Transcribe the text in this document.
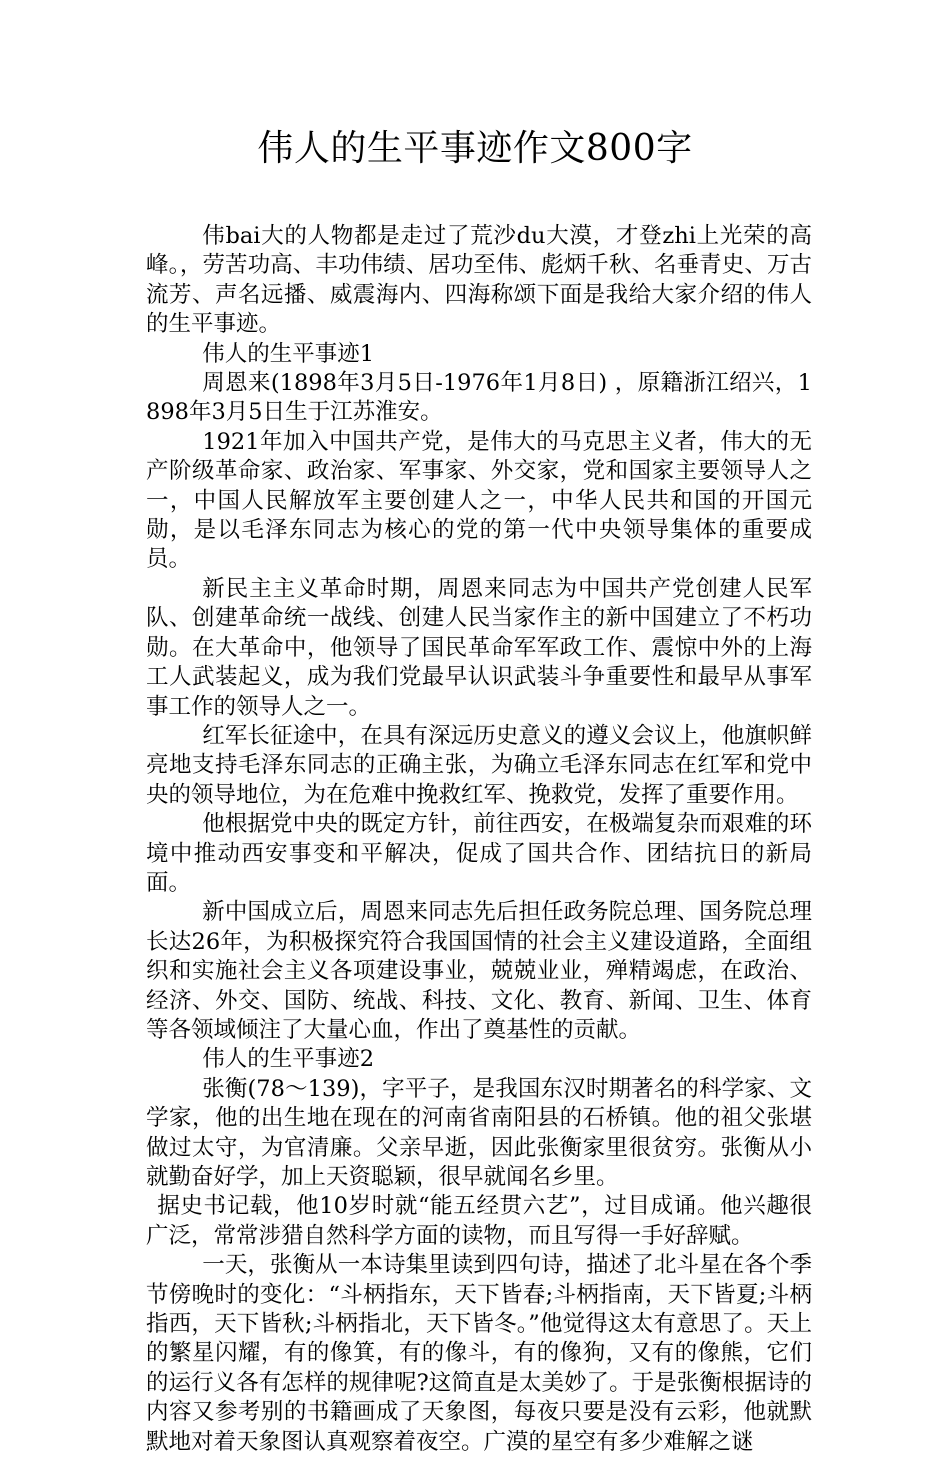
伟人的生平事迹作文800字

伟bai大的人物都是走过了荒沙du大漠，才登zhi上光荣的高峰。，劳苦功高、丰功伟绩、居功至伟、彪炳千秋、名垂青史、万古流芳、声名远播、威震海内、四海称颂下面是我给大家介绍的伟人的生平事迹。

伟人的生平事迹1

周恩来(1898年3月5日-1976年1月8日) ，原籍浙江绍兴，1898年3月5日生于江苏淮安。

1921年加入中国共产党，是伟大的马克思主义者，伟大的无产阶级革命家、政治家、军事家、外交家，党和国家主要领导人之一，中国人民解放军主要创建人之一，中华人民共和国的开国元勋，是以毛泽东同志为核心的党的第一代中央领导集体的重要成员。

新民主主义革命时期，周恩来同志为中国共产党创建人民军队、创建革命统一战线、创建人民当家作主的新中国建立了不朽功勋。在大革命中，他领导了国民革命军军政工作、震惊中外的上海工人武装起义，成为我们党最早认识武装斗争重要性和最早从事军事工作的领导人之一。

红军长征途中，在具有深远历史意义的遵义会议上，他旗帜鲜亮地支持毛泽东同志的正确主张，为确立毛泽东同志在红军和党中央的领导地位，为在危难中挽救红军、挽救党，发挥了重要作用。

他根据党中央的既定方针，前往西安，在极端复杂而艰难的环境中推动西安事变和平解决，促成了国共合作、团结抗日的新局面。

新中国成立后，周恩来同志先后担任政务院总理、国务院总理长达26年，为积极探究符合我国国情的社会主义建设道路，全面组织和实施社会主义各项建设事业，兢兢业业，殚精竭虑，在政治、经济、外交、国防、统战、科技、文化、教育、新闻、卫生、体育等各领域倾注了大量心血，作出了奠基性的贡献。

伟人的生平事迹2

张衡(78～139)，字平子，是我国东汉时期著名的科学家、文学家，他的出生地在现在的河南省南阳县的石桥镇。他的祖父张堪做过太守，为官清廉。父亲早逝，因此张衡家里很贫穷。张衡从小就勤奋好学，加上天资聪颖，很早就闻名乡里。

据史书记载，他10岁时就“能五经贯六艺”，过目成诵。他兴趣很广泛，常常涉猎自然科学方面的读物，而且写得一手好辞赋。

一天，张衡从一本诗集里读到四句诗，描述了北斗星在各个季节傍晚时的变化：“斗柄指东，天下皆春;斗柄指南，天下皆夏;斗柄指西，天下皆秋;斗柄指北，天下皆冬。”他觉得这太有意思了。天上的繁星闪耀，有的像箕，有的像斗，有的像狗，又有的像熊，它们的运行义各有怎样的规律呢?这简直是太美妙了。于是张衡根据诗的内容又参考别的书籍画成了天象图，每夜只要是没有云彩，他就默默地对着天象图认真观察着夜空。广漠的星空有多少难解之谜
